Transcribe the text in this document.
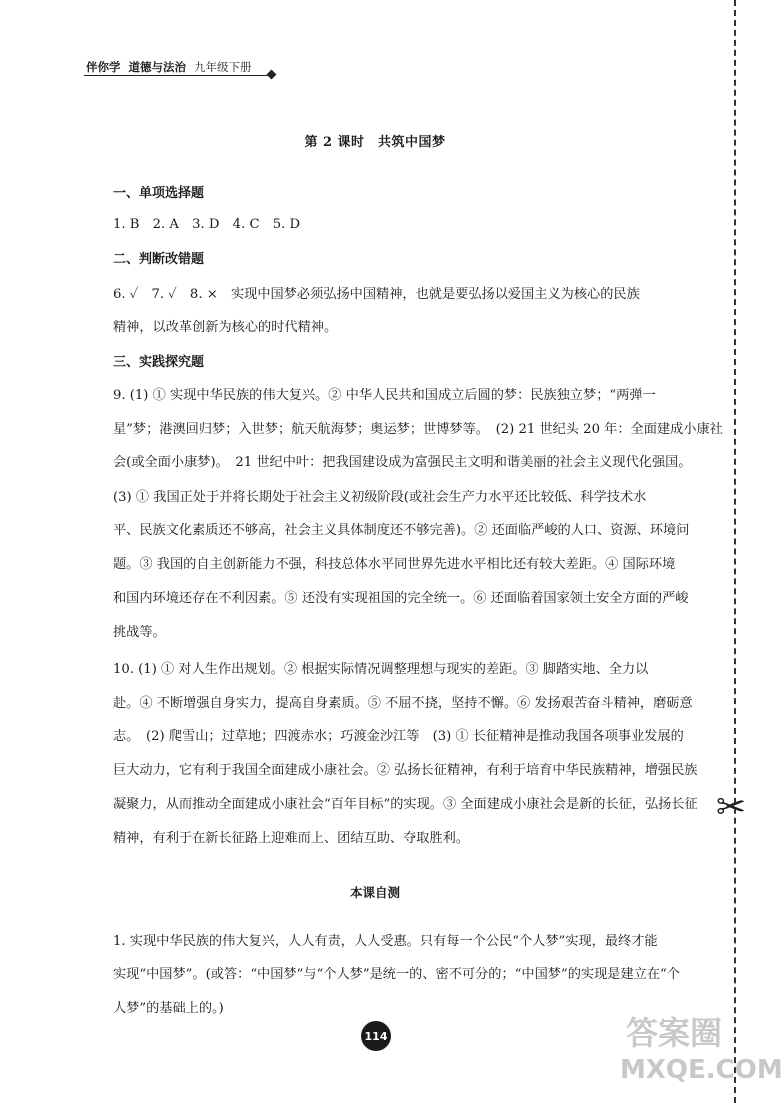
伴你学 道德与法治 九年级下册
✂
第 2 课时　共筑中国梦
一、单项选择题
1. B　2. A　3. D　4. C　5. D
二、判断改错题
6. ✓　7. ✓　8. ×　实现中国梦必须弘扬中国精神，也就是要弘扬以爱国主义为核心的民族
精神，以改革创新为核心的时代精神。
三、实践探究题
9. (1) ① 实现中华民族的伟大复兴。② 中华人民共和国成立后圆的梦：民族独立梦；“两弹一
星”梦；港澳回归梦；入世梦；航天航海梦；奥运梦；世博梦等。　(2) 21 世纪头 20 年：全面建成小康社
会(或全面小康梦)。　21 世纪中叶：把我国建设成为富强民主文明和谐美丽的社会主义现代化强国。
(3) ① 我国正处于并将长期处于社会主义初级阶段(或社会生产力水平还比较低、科学技术水
平、民族文化素质还不够高，社会主义具体制度还不够完善)。② 还面临严峻的人口、资源、环境问
题。③ 我国的自主创新能力不强，科技总体水平同世界先进水平相比还有较大差距。④ 国际环境
和国内环境还存在不利因素。⑤ 还没有实现祖国的完全统一。⑥ 还面临着国家领土安全方面的严峻
挑战等。
10. (1) ① 对人生作出规划。② 根据实际情况调整理想与现实的差距。③ 脚踏实地、全力以
赴。④ 不断增强自身实力，提高自身素质。⑤ 不屈不挠，坚持不懈。⑥ 发扬艰苦奋斗精神，磨砺意
志。　(2) 爬雪山；过草地；四渡赤水；巧渡金沙江等　(3) ① 长征精神是推动我国各项事业发展的
巨大动力，它有利于我国全面建成小康社会。② 弘扬长征精神，有利于培育中华民族精神，增强民族
凝聚力，从而推动全面建成小康社会“百年目标”的实现。③ 全面建成小康社会是新的长征，弘扬长征
精神，有利于在新长征路上迎难而上、团结互助、夺取胜利。
本课自测
1. 实现中华民族的伟大复兴，人人有责，人人受惠。只有每一个公民“个人梦”实现，最终才能
实现“中国梦”。(或答：“中国梦”与“个人梦”是统一的、密不可分的；“中国梦”的实现是建立在“个
人梦”的基础上的。)
114	答案圈
MXQE.COM
